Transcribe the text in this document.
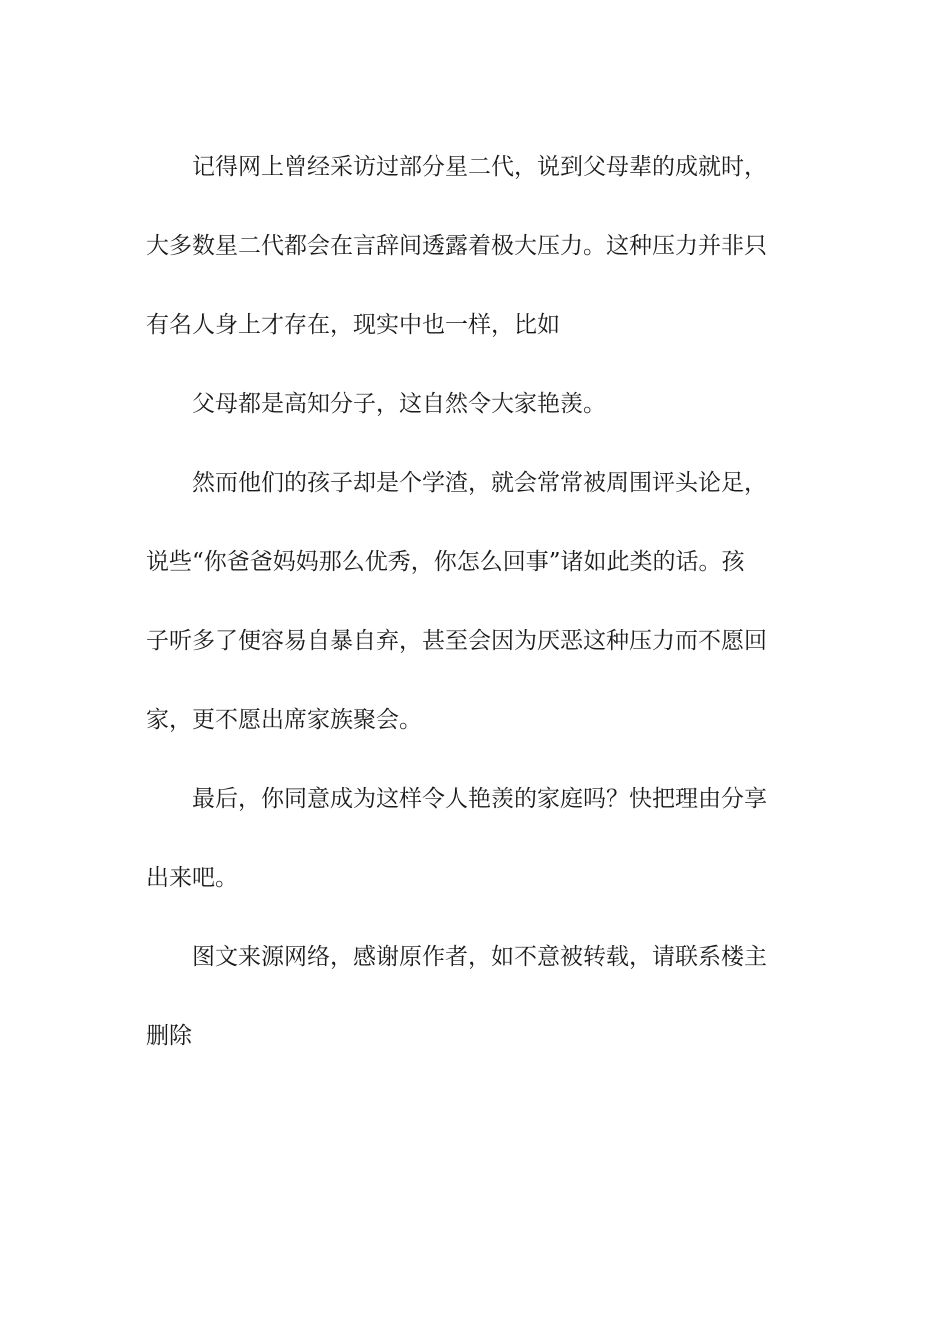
记得网上曾经采访过部分星二代，说到父母辈的成就时，
大多数星二代都会在言辞间透露着极大压力。这种压力并非只
有名人身上才存在，现实中也一样，比如
父母都是高知分子，这自然令大家艳羡。
然而他们的孩子却是个学渣，就会常常被周围评头论足，
说些“你爸爸妈妈那么优秀，你怎么回事”诸如此类的话。孩
子听多了便容易自暴自弃，甚至会因为厌恶这种压力而不愿回
家，更不愿出席家族聚会。
最后，你同意成为这样令人艳羡的家庭吗？快把理由分享
出来吧。
图文来源网络，感谢原作者，如不意被转载，请联系楼主
删除
